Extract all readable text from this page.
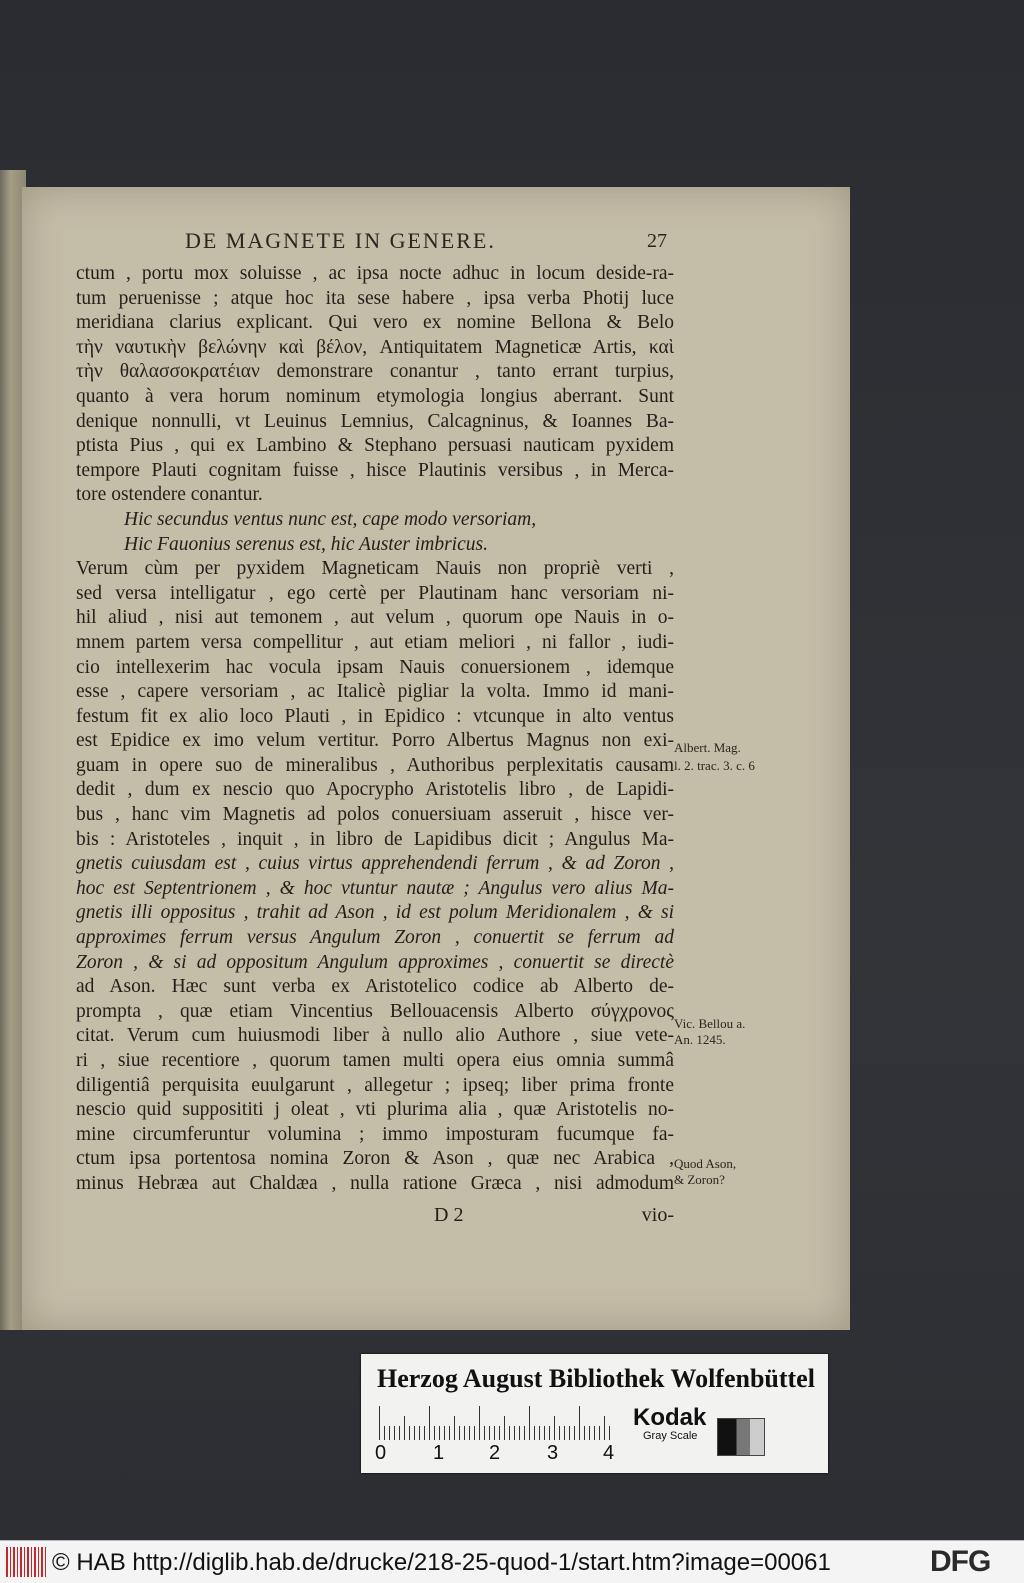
DE MAGNETE IN GENERE.	27
ctum , portu mox soluisse , ac ipsa nocte adhuc in locum deside-ra-
tum peruenisse ; atque hoc ita sese habere , ipsa verba Photij luce
meridiana clarius explicant. Qui vero ex nomine Bellona & Belo
τὴν ναυτικὴν βελώνην καὶ βέλον, Antiquitatem Magneticæ Artis, καὶ
τὴν θαλασσοκρατέιαν demonstrare conantur , tanto errant turpius,
quanto à vera horum nominum etymologia longius aberrant. Sunt
denique nonnulli, vt Leuinus Lemnius, Calcagninus, & Ioannes Ba-
ptista Pius , qui ex Lambino & Stephano persuasi nauticam pyxidem
tempore Plauti cognitam fuisse , hisce Plautinis versibus , in Merca-
tore ostendere conantur.
Hic secundus ventus nunc est, cape modo versoriam,
Hic Fauonius serenus est, hic Auster imbricus.
Verum cùm per pyxidem Magneticam Nauis non propriè verti ,
sed versa intelligatur , ego certè per Plautinam hanc versoriam ni-
hil aliud , nisi aut temonem , aut velum , quorum ope Nauis in o-
mnem partem versa compellitur , aut etiam meliori , ni fallor , iudi-
cio intellexerim hac vocula ipsam Nauis conuersionem , idemque
esse , capere versoriam , ac Italicè pigliar la volta. Immo id mani-
festum fit ex alio loco Plauti , in Epidico : vtcunque in alto ventus
est Epidice ex imo velum vertitur. Porro Albertus Magnus non exi-
guam in opere suo de mineralibus , Authoribus perplexitatis causam
dedit , dum ex nescio quo Apocrypho Aristotelis libro , de Lapidi-
bus , hanc vim Magnetis ad polos conuersiuam asseruit , hisce ver-
bis : Aristoteles , inquit , in libro de Lapidibus dicit ; Angulus Ma-
gnetis cuiusdam est , cuius virtus apprehendendi ferrum , & ad Zoron ,
hoc est Septentrionem , & hoc vtuntur nautæ ; Angulus vero alius Ma-
gnetis illi oppositus , trahit ad Ason , id est polum Meridionalem , & si
approximes ferrum versus Angulum Zoron , conuertit se ferrum ad
Zoron , & si ad oppositum Angulum approximes , conuertit se directè
ad Ason. Hæc sunt verba ex Aristotelico codice ab Alberto de-
prompta , quæ etiam Vincentius Bellouacensis Alberto σύγχρονος
citat. Verum cum huiusmodi liber à nullo alio Authore , siue vete-
ri , siue recentiore , quorum tamen multi opera eius omnia summâ
diligentiâ perquisita euulgarunt , allegetur ; ipseq; liber prima fronte
nescio quid supposititi j oleat , vti plurima alia , quæ Aristotelis no-
mine circumferuntur volumina ; immo imposturam fucumque fa-
ctum ipsa portentosa nomina Zoron & Ason , quæ nec Arabica ,
minus Hebræa aut Chaldæa , nulla ratione Græca , nisi admodum
Albert. Mag.
l. 2. trac. 3. c. 6
Vic. Bellou a.
An. 1245.
Quod Ason,
& Zoron?
D 2	vio-
Herzog August Bibliothek Wolfenbüttel
0 1 2 3 4
Kodak
Gray Scale
© HAB http://diglib.hab.de/drucke/218-25-quod-1/start.htm?image=00061	DFG
